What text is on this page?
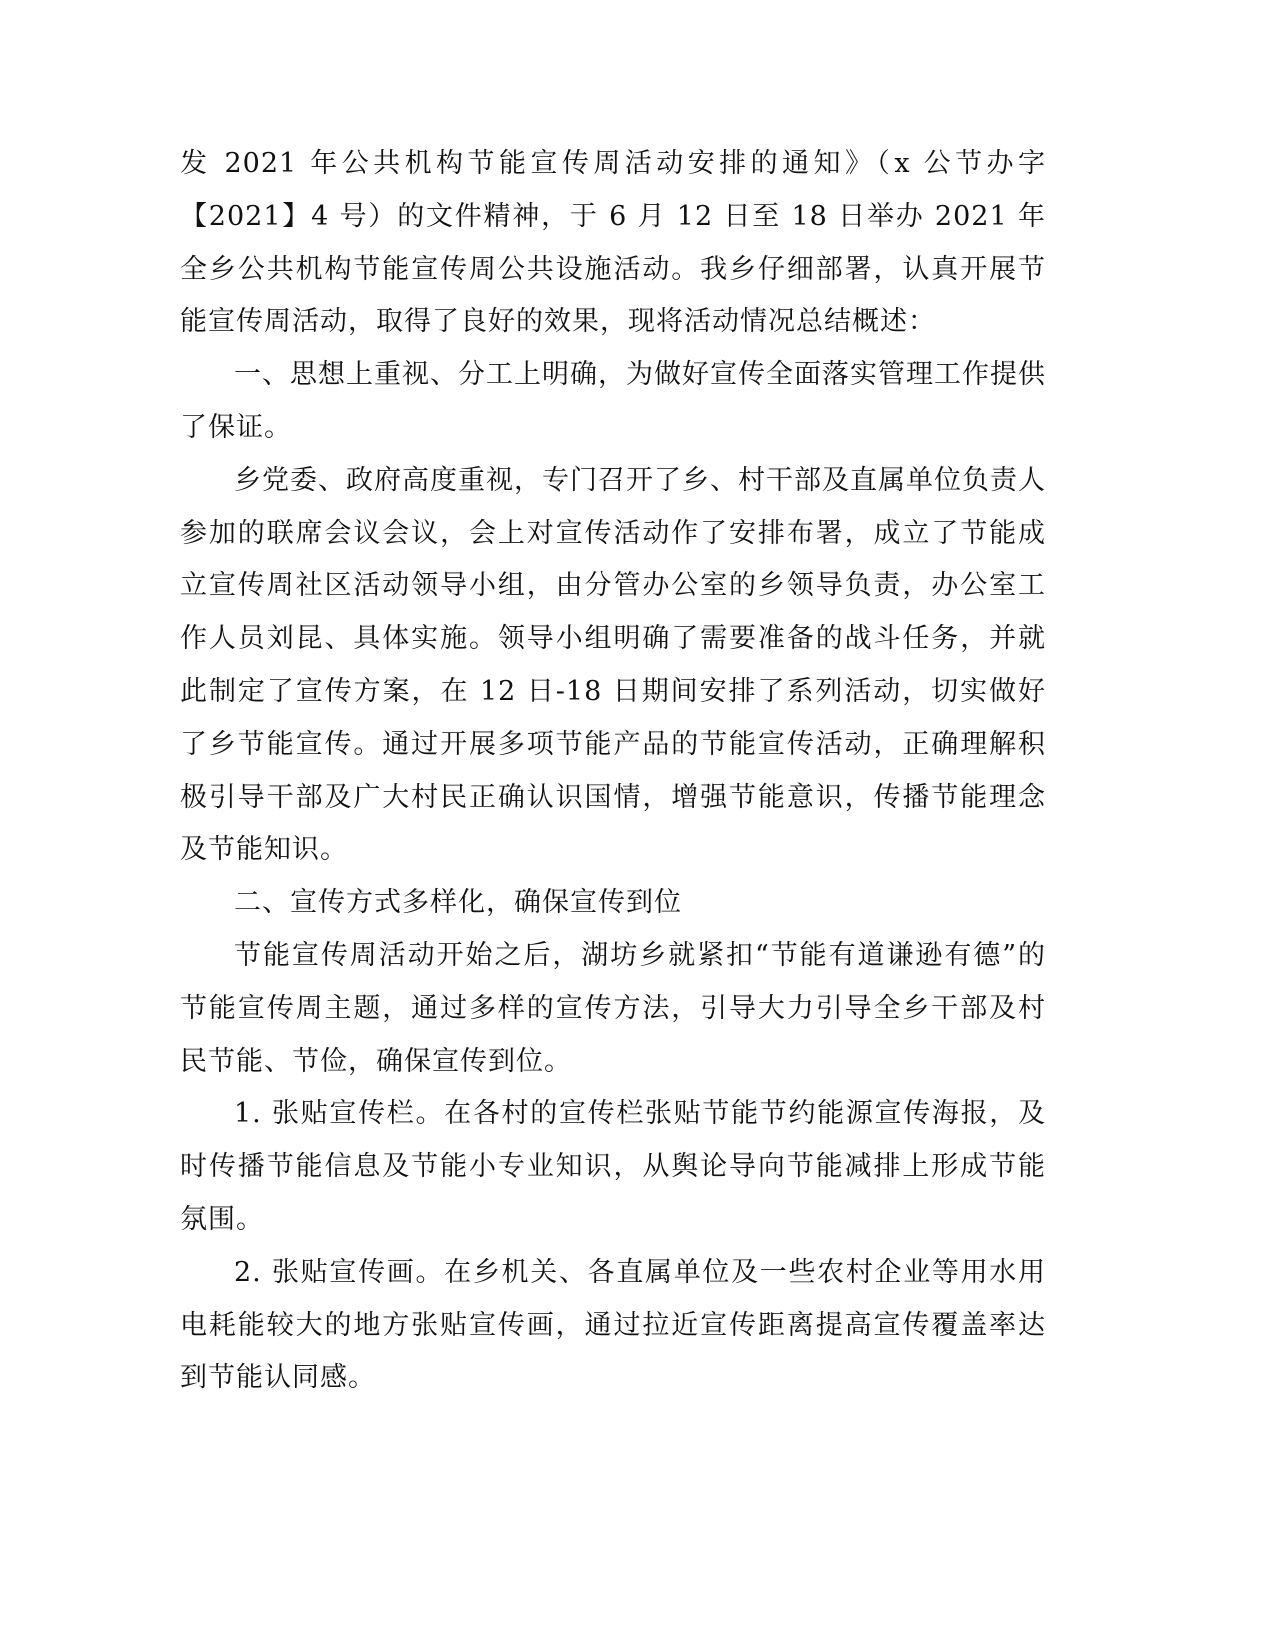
发 2021 年公共机构节能宣传周活动安排的通知》（x 公节办字【2021】4 号）的文件精神，于 6 月 12 日至 18 日举办 2021 年全乡公共机构节能宣传周公共设施活动。我乡仔细部署，认真开展节能宣传周活动，取得了良好的效果，现将活动情况总结概述：

一、思想上重视、分工上明确，为做好宣传全面落实管理工作提供了保证。

乡党委、政府高度重视，专门召开了乡、村干部及直属单位负责人参加的联席会议会议，会上对宣传活动作了安排布署，成立了节能成立宣传周社区活动领导小组，由分管办公室的乡领导负责，办公室工作人员刘昆、具体实施。领导小组明确了需要准备的战斗任务，并就此制定了宣传方案，在 12 日-18 日期间安排了系列活动，切实做好了乡节能宣传。通过开展多项节能产品的节能宣传活动，正确理解积极引导干部及广大村民正确认识国情，增强节能意识，传播节能理念及节能知识。

二、宣传方式多样化，确保宣传到位

节能宣传周活动开始之后，湖坊乡就紧扣“节能有道谦逊有德”的节能宣传周主题，通过多样的宣传方法，引导大力引导全乡干部及村民节能、节俭，确保宣传到位。

1. 张贴宣传栏。在各村的宣传栏张贴节能节约能源宣传海报，及时传播节能信息及节能小专业知识，从舆论导向节能减排上形成节能氛围。

2. 张贴宣传画。在乡机关、各直属单位及一些农村企业等用水用电耗能较大的地方张贴宣传画，通过拉近宣传距离提高宣传覆盖率达到节能认同感。
